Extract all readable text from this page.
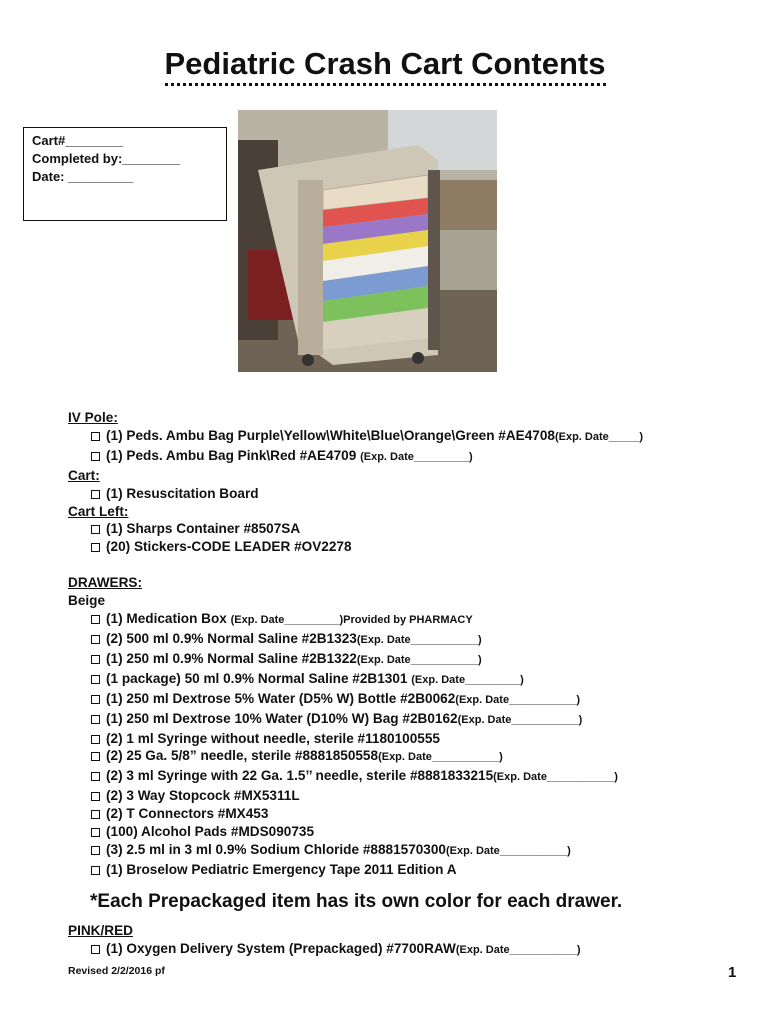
Pediatric Crash Cart Contents
Cart#________
Completed by:________
Date: _________
IV Pole:
(1) Peds. Ambu Bag Purple\Yellow\White\Blue\Orange\Green #AE4708(Exp. Date_____)
(1) Peds. Ambu Bag Pink\Red #AE4709 (Exp. Date_________)
Cart:
(1) Resuscitation Board
Cart Left:
(1) Sharps Container #8507SA
(20) Stickers-CODE LEADER #OV2278
DRAWERS:
Beige
(1) Medication Box (Exp. Date_________)Provided by PHARMACY
(2) 500 ml 0.9% Normal Saline #2B1323(Exp. Date___________)
(1) 250 ml 0.9% Normal Saline #2B1322(Exp. Date___________)
(1 package) 50 ml 0.9% Normal Saline #2B1301 (Exp. Date_________)
(1) 250 ml Dextrose 5% Water (D5% W) Bottle #2B0062(Exp. Date___________)
(1) 250 ml Dextrose 10% Water (D10% W) Bag #2B0162(Exp. Date___________)
(2) 1 ml Syringe without needle, sterile #1180100555
(2) 25 Ga. 5/8” needle, sterile #8881850558(Exp. Date___________)
(2) 3 ml Syringe with 22 Ga. 1.5’’ needle, sterile #8881833215(Exp. Date___________)
(2) 3 Way Stopcock #MX5311L
(2) T Connectors #MX453
(100) Alcohol Pads #MDS090735
(3) 2.5 ml in 3 ml 0.9% Sodium Chloride #8881570300(Exp. Date___________)
(1) Broselow Pediatric Emergency Tape 2011 Edition A
*Each Prepackaged item has its own color for each drawer.
PINK/RED
(1) Oxygen Delivery System (Prepackaged) #7700RAW(Exp. Date___________)
Revised 2/2/2016 pf	1
